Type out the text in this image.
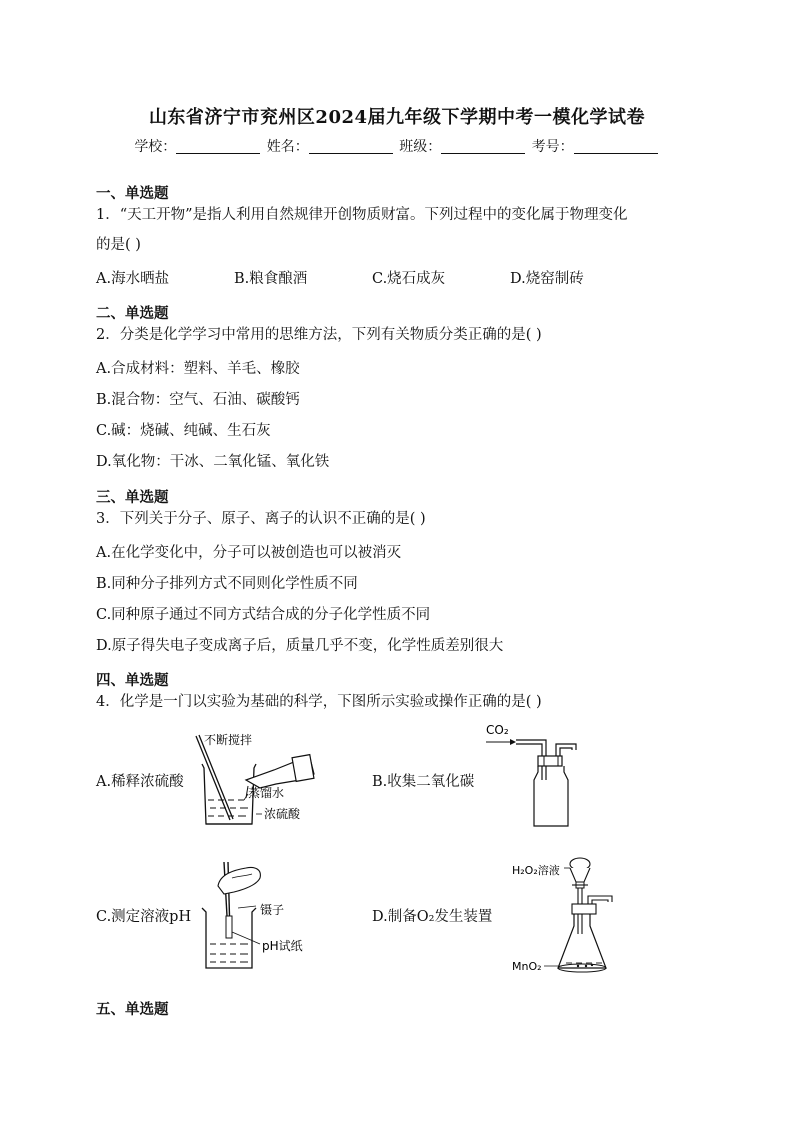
山东省济宁市兖州区2024届九年级下学期中考一模化学试卷
学校：	姓名：	班级：	考号：
一、单选题
1．“天工开物”是指人利用自然规律开创物质财富。下列过程中的变化属于物理变化
的是( )
A.海水晒盐	B.粮食酿酒	C.烧石成灰	D.烧窑制砖
二、单选题
2．分类是化学学习中常用的思维方法，下列有关物质分类正确的是( )
A.合成材料：塑料、羊毛、橡胶
B.混合物：空气、石油、碳酸钙
C.碱：烧碱、纯碱、生石灰
D.氧化物：干冰、二氧化锰、氧化铁
三、单选题
3．下列关于分子、原子、离子的认识不正确的是( )
A.在化学变化中，分子可以被创造也可以被消灭
B.同种分子排列方式不同则化学性质不同
C.同种原子通过不同方式结合成的分子化学性质不同
D.原子得失电子变成离子后，质量几乎不变，化学性质差别很大
四、单选题
4．化学是一门以实验为基础的科学，下图所示实验或操作正确的是( )
A.稀释浓硫酸	B.收集二氧化碳
C.测定溶液pH	D.制备O₂发生装置
不断搅拌
蒸馏水
浓硫酸
CO₂
镊子
pH试纸
H₂O₂溶液
MnO₂
五、单选题
